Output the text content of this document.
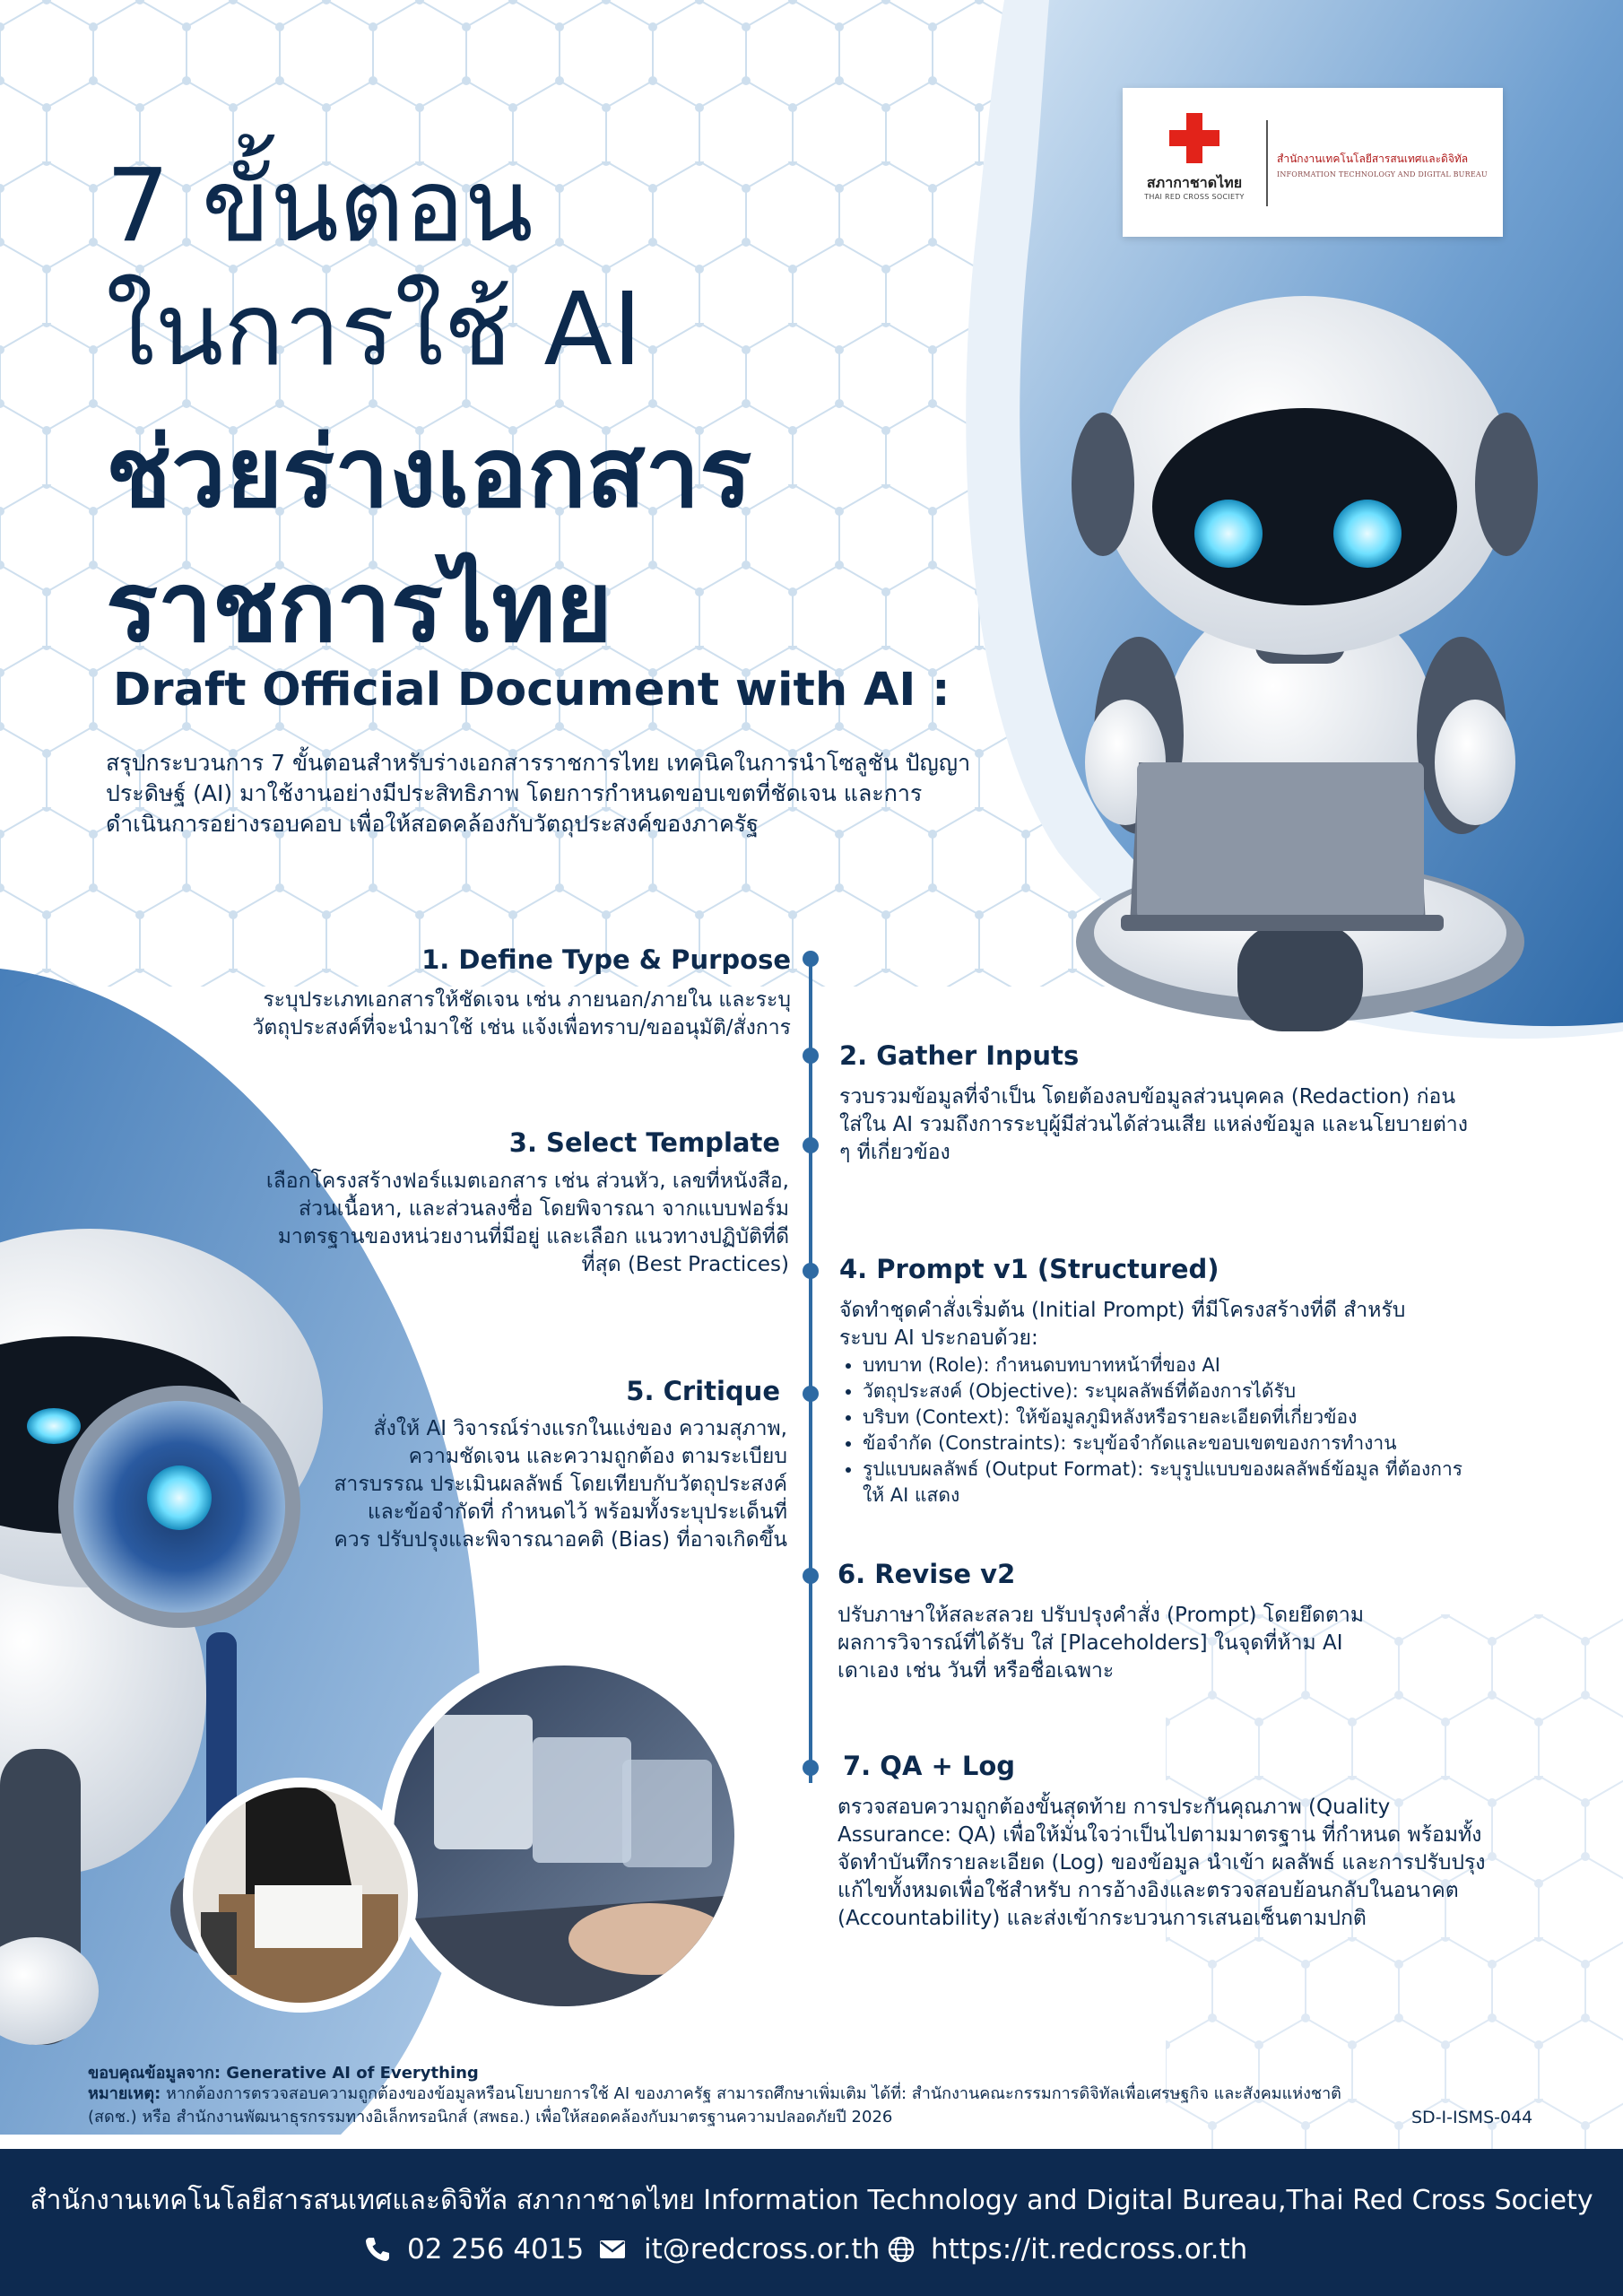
สภากาชาดไทย
THAI RED CROSS SOCIETY
สำนักงานเทคโนโลยีสารสนเทศและดิจิทัล
INFORMATION TECHNOLOGY AND DIGITAL BUREAU
7 ขั้นตอน
ในการใช้ AI
ช่วยร่างเอกสาร
ราชการไทย
Draft Official Document with AI :
สรุปกระบวนการ 7 ขั้นตอนสำหรับร่างเอกสารราชการไทย เทคนิคในการนำโซลูชัน ปัญญาประดิษฐ์ (AI) มาใช้งานอย่างมีประสิทธิภาพ โดยการกำหนดขอบเขตที่ชัดเจน และการดำเนินการอย่างรอบคอบ เพื่อให้สอดคล้องกับวัตถุประสงค์ของภาครัฐ
1. Define Type & Purpose
ระบุประเภทเอกสารให้ชัดเจน เช่น ภายนอก/ภายใน และระบุ วัตถุประสงค์ที่จะนำมาใช้ เช่น แจ้งเพื่อทราบ/ขออนุมัติ/สั่งการ
2. Gather Inputs
รวบรวมข้อมูลที่จำเป็น โดยต้องลบข้อมูลส่วนบุคคล (Redaction) ก่อนใส่ใน AI รวมถึงการระบุผู้มีส่วนได้ส่วนเสีย แหล่งข้อมูล และนโยบายต่าง ๆ ที่เกี่ยวข้อง
3. Select Template
เลือกโครงสร้างฟอร์แมตเอกสาร เช่น ส่วนหัว, เลขที่หนังสือ, ส่วนเนื้อหา, และส่วนลงชื่อ โดยพิจารณา จากแบบฟอร์มมาตรฐานของหน่วยงานที่มีอยู่ และเลือก แนวทางปฏิบัติที่ดีที่สุด (Best Practices) 4. Prompt v1 (Structured)
จัดทำชุดคำสั่งเริ่มต้น (Initial Prompt) ที่มีโครงสร้างที่ดี สำหรับระบบ AI ประกอบด้วย:
• บทบาท (Role): กำหนดบทบาทหน้าที่ของ AI
• วัตถุประสงค์ (Objective): ระบุผลลัพธ์ที่ต้องการได้รับ
• บริบท (Context): ให้ข้อมูลภูมิหลังหรือรายละเอียดที่เกี่ยวข้อง
• ข้อจำกัด (Constraints): ระบุข้อจำกัดและขอบเขตของการทำงาน
• รูปแบบผลลัพธ์ (Output Format): ระบุรูปแบบของผลลัพธ์ข้อมูล ที่ต้องการให้ AI แสดง
5. Critique
สั่งให้ AI วิจารณ์ร่างแรกในแง่ของ ความสุภาพ, ความชัดเจน และความถูกต้อง ตามระเบียบสารบรรณ ประเมินผลลัพธ์ โดยเทียบกับวัตถุประสงค์ และข้อจำกัดที่ กำหนดไว้ พร้อมทั้งระบุประเด็นที่ควร ปรับปรุงและพิจารณาอคติ (Bias) ที่อาจเกิดขึ้น
6. Revise v2
ปรับภาษาให้สละสลวย ปรับปรุงคำสั่ง (Prompt) โดยยึดตามผลการวิจารณ์ที่ได้รับ ใส่ [Placeholders] ในจุดที่ห้าม AI เดาเอง เช่น วันที่ หรือชื่อเฉพาะ
7. QA + Log
ตรวจสอบความถูกต้องขั้นสุดท้าย การประกันคุณภาพ (Quality Assurance: QA) เพื่อให้มั่นใจว่าเป็นไปตามมาตรฐาน ที่กำหนด พร้อมทั้งจัดทำบันทึกรายละเอียด (Log) ของข้อมูล นำเข้า ผลลัพธ์ และการปรับปรุงแก้ไขทั้งหมดเพื่อใช้สำหรับ การอ้างอิงและตรวจสอบย้อนกลับในอนาคต (Accountability) และส่งเข้ากระบวนการเสนอเซ็นตามปกติ
ขอบคุณข้อมูลจาก: Generative AI of Everything
หมายเหตุ: หากต้องการตรวจสอบความถูกต้องของข้อมูลหรือนโยบายการใช้ AI ของภาครัฐ สามารถศึกษาเพิ่มเติม ได้ที่: สำนักงานคณะกรรมการดิจิทัลเพื่อเศรษฐกิจ และสังคมแห่งชาติ (สดช.) หรือ สำนักงานพัฒนาธุรกรรมทางอิเล็กทรอนิกส์ (สพธอ.) เพื่อให้สอดคล้องกับมาตรฐานความปลอดภัยปี 2026	SD-I-ISMS-044
สำนักงานเทคโนโลยีสารสนเทศและดิจิทัล สภากาชาดไทย Information Technology and Digital Bureau,Thai Red Cross Society
02 256 4015 it@redcross.or.th https://it.redcross.or.th
